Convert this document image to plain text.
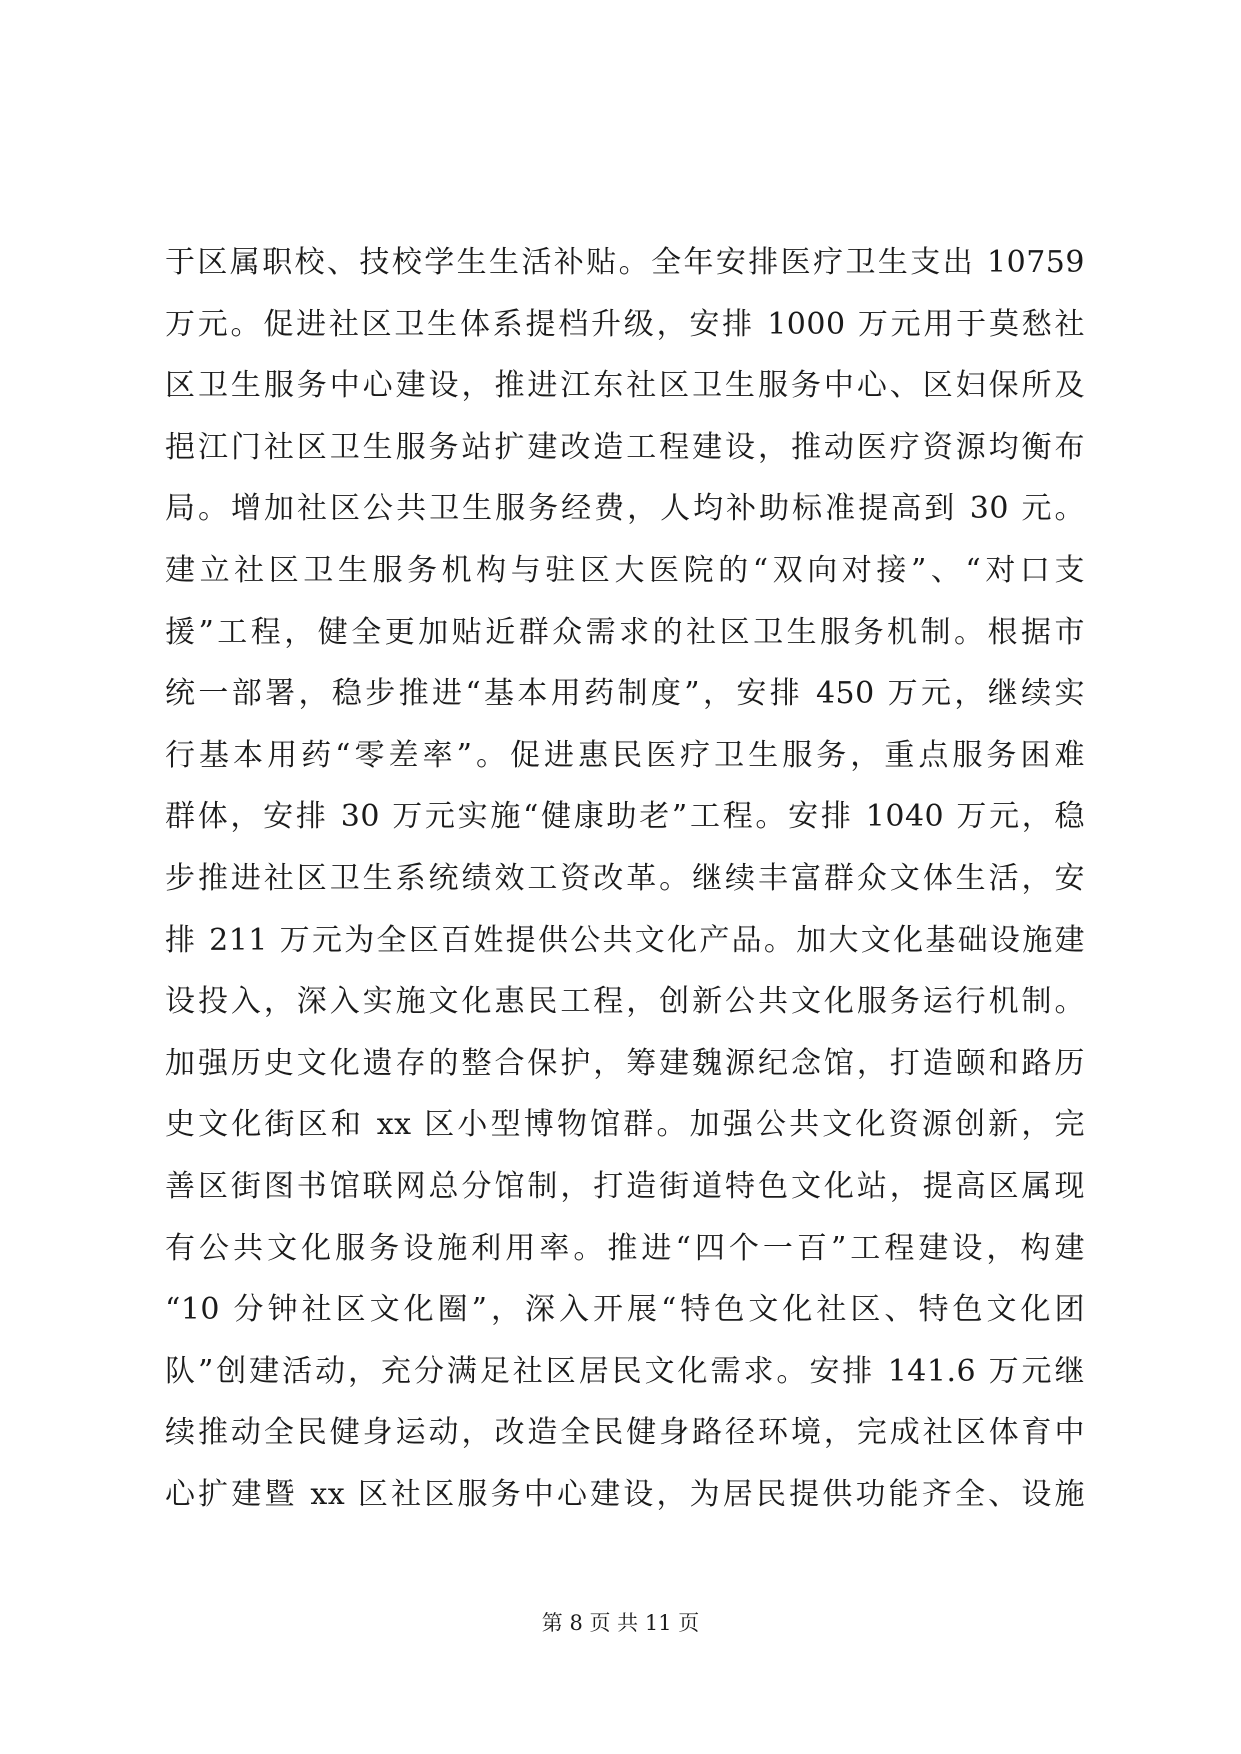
于区属职校、技校学生生活补贴。全年安排医疗卫生支出 10759
万元。促进社区卫生体系提档升级，安排 1000 万元用于莫愁社
区卫生服务中心建设，推进江东社区卫生服务中心、区妇保所及
挹江门社区卫生服务站扩建改造工程建设，推动医疗资源均衡布
局。增加社区公共卫生服务经费，人均补助标准提高到 30 元。
建立社区卫生服务机构与驻区大医院的“双向对接”、“对口支
援”工程，健全更加贴近群众需求的社区卫生服务机制。根据市
统一部署，稳步推进“基本用药制度”，安排 450 万元，继续实
行基本用药“零差率”。促进惠民医疗卫生服务，重点服务困难
群体，安排 30 万元实施“健康助老”工程。安排 1040 万元，稳
步推进社区卫生系统绩效工资改革。继续丰富群众文体生活，安
排 211 万元为全区百姓提供公共文化产品。加大文化基础设施建
设投入，深入实施文化惠民工程，创新公共文化服务运行机制。
加强历史文化遗存的整合保护，筹建魏源纪念馆，打造颐和路历
史文化街区和 xx 区小型博物馆群。加强公共文化资源创新，完
善区街图书馆联网总分馆制，打造街道特色文化站，提高区属现
有公共文化服务设施利用率。推进“四个一百”工程建设，构建
“10 分钟社区文化圈”，深入开展“特色文化社区、特色文化团
队”创建活动，充分满足社区居民文化需求。安排 141.6 万元继
续推动全民健身运动，改造全民健身路径环境，完成社区体育中
心扩建暨 xx 区社区服务中心建设，为居民提供功能齐全、设施
第 8 页 共 11 页
